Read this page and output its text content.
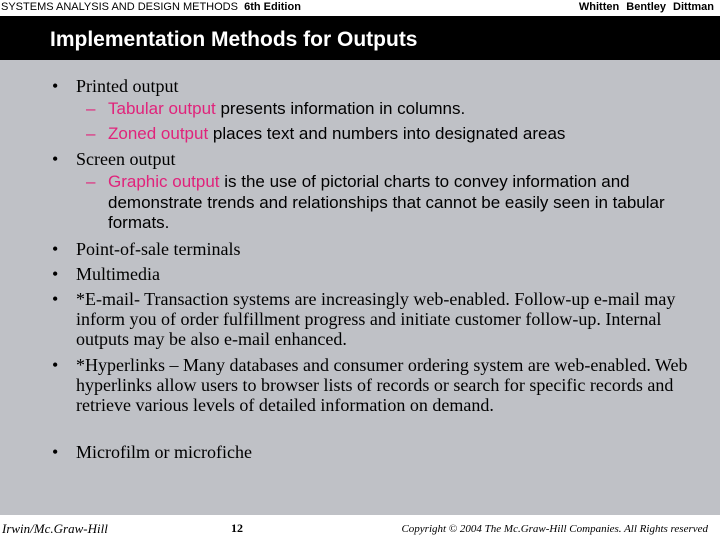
SYSTEMS ANALYSIS AND DESIGN METHODS 6th Edition	Whitten Bentley Dittman
Implementation Methods for Outputs
• Printed output
– Tabular output presents information in columns.
– Zoned output places text and numbers into designated areas
• Screen output
– Graphic output is the use of pictorial charts to convey information and demonstrate trends and relationships that cannot be easily seen in tabular formats.
• Point-of-sale terminals
• Multimedia
• *E-mail- Transaction systems are increasingly web-enabled. Follow-up e-mail may inform you of order fulfillment progress and initiate customer follow-up. Internal outputs may be also e-mail enhanced.
• *Hyperlinks – Many databases and consumer ordering system are web-enabled. Web hyperlinks allow users to browser lists of records or search for specific records and retrieve various levels of detailed information on demand.
• Microfilm or microfiche
Irwin/Mc.Graw-Hill	12	Copyright © 2004 The Mc.Graw-Hill Companies. All Rights reserved
